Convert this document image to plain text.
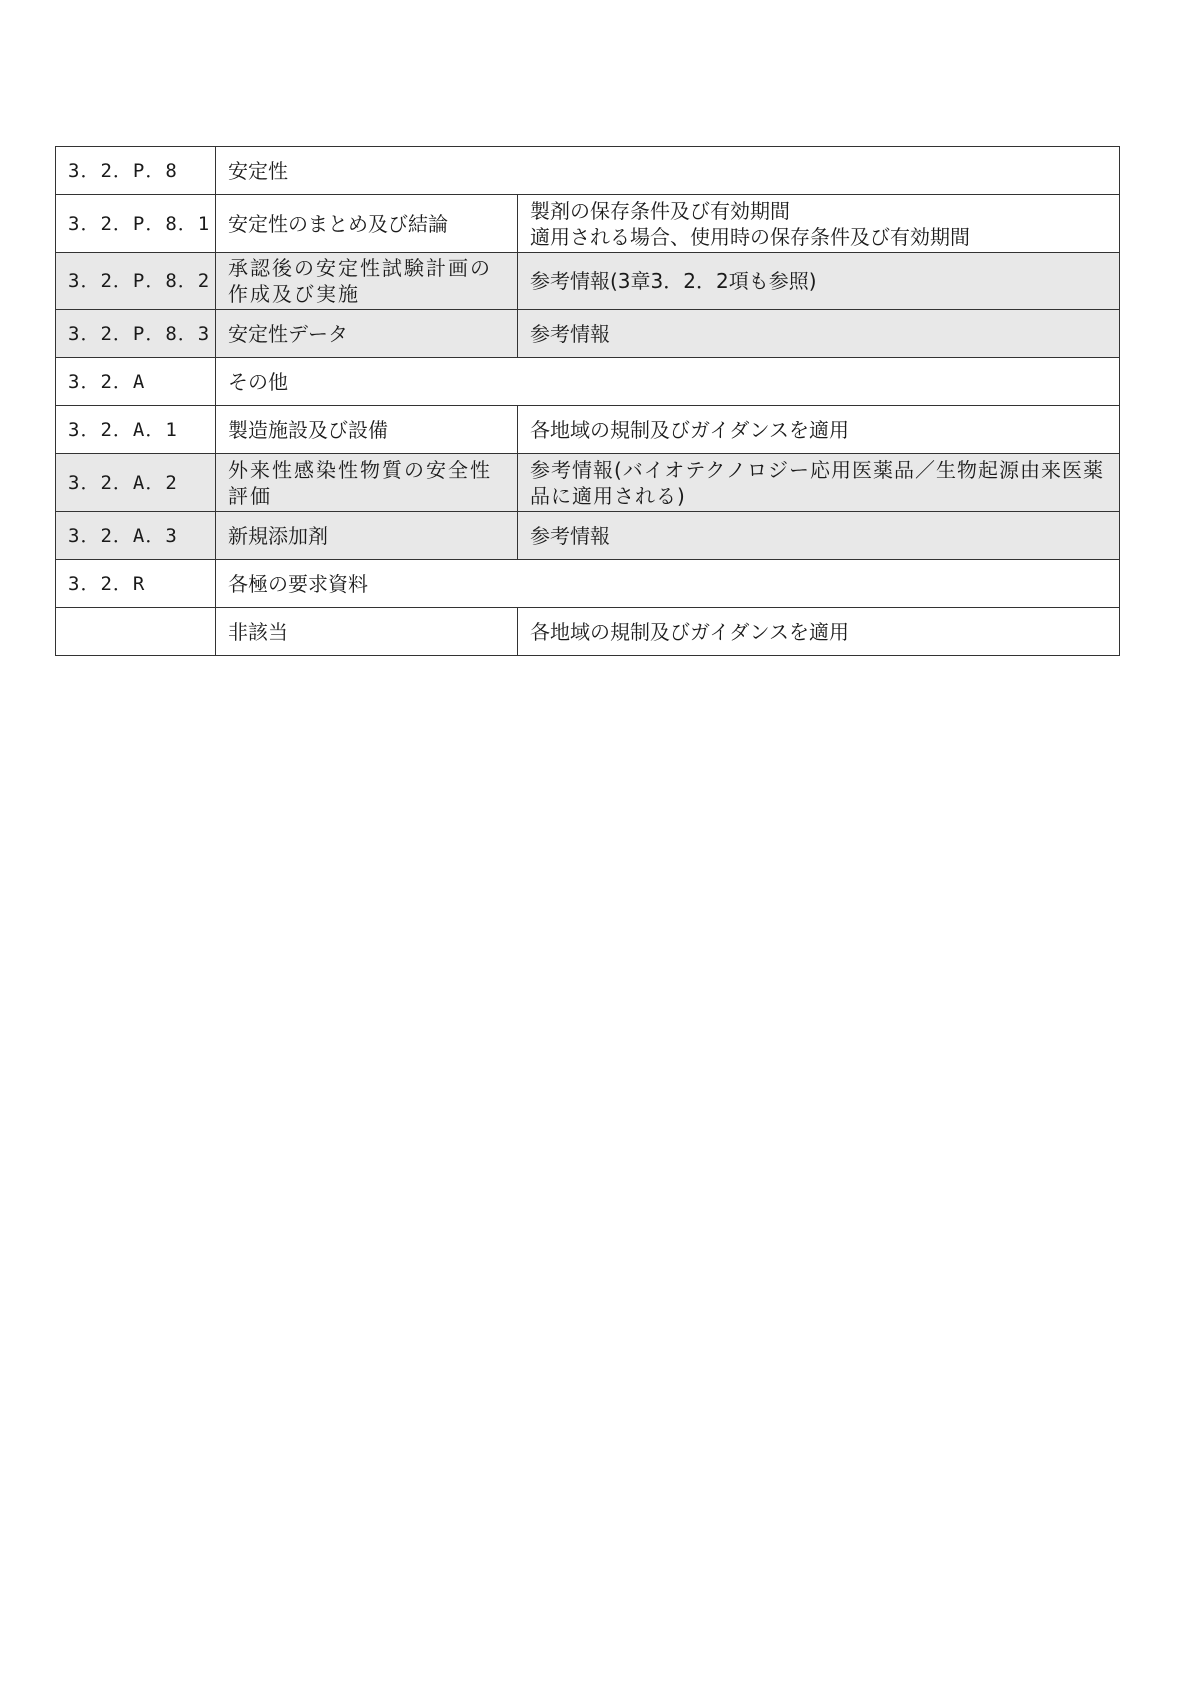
3．2．P．8	安定性	
3．2．P．8．1	安定性のまとめ及び結論	製剤の保存条件及び有効期間
適用される場合、使用時の保存条件及び有効期間

3．2．P．8．2	承認後の安定性試験計画の作成及び実施	参考情報(3章3．2．2項も参照)
3．2．P．8．3	安定性データ	参考情報
3．2．A	その他	
3．2．A．1	製造施設及び設備	各地域の規制及びガイダンスを適用
3．2．A．2	外来性感染性物質の安全性評価	参考情報(バイオテクノロジー応用医薬品／生物起源由来医薬品に適用される)
3．2．A．3	新規添加剤	参考情報
3．2．R	各極の要求資料	
	非該当	各地域の規制及びガイダンスを適用
